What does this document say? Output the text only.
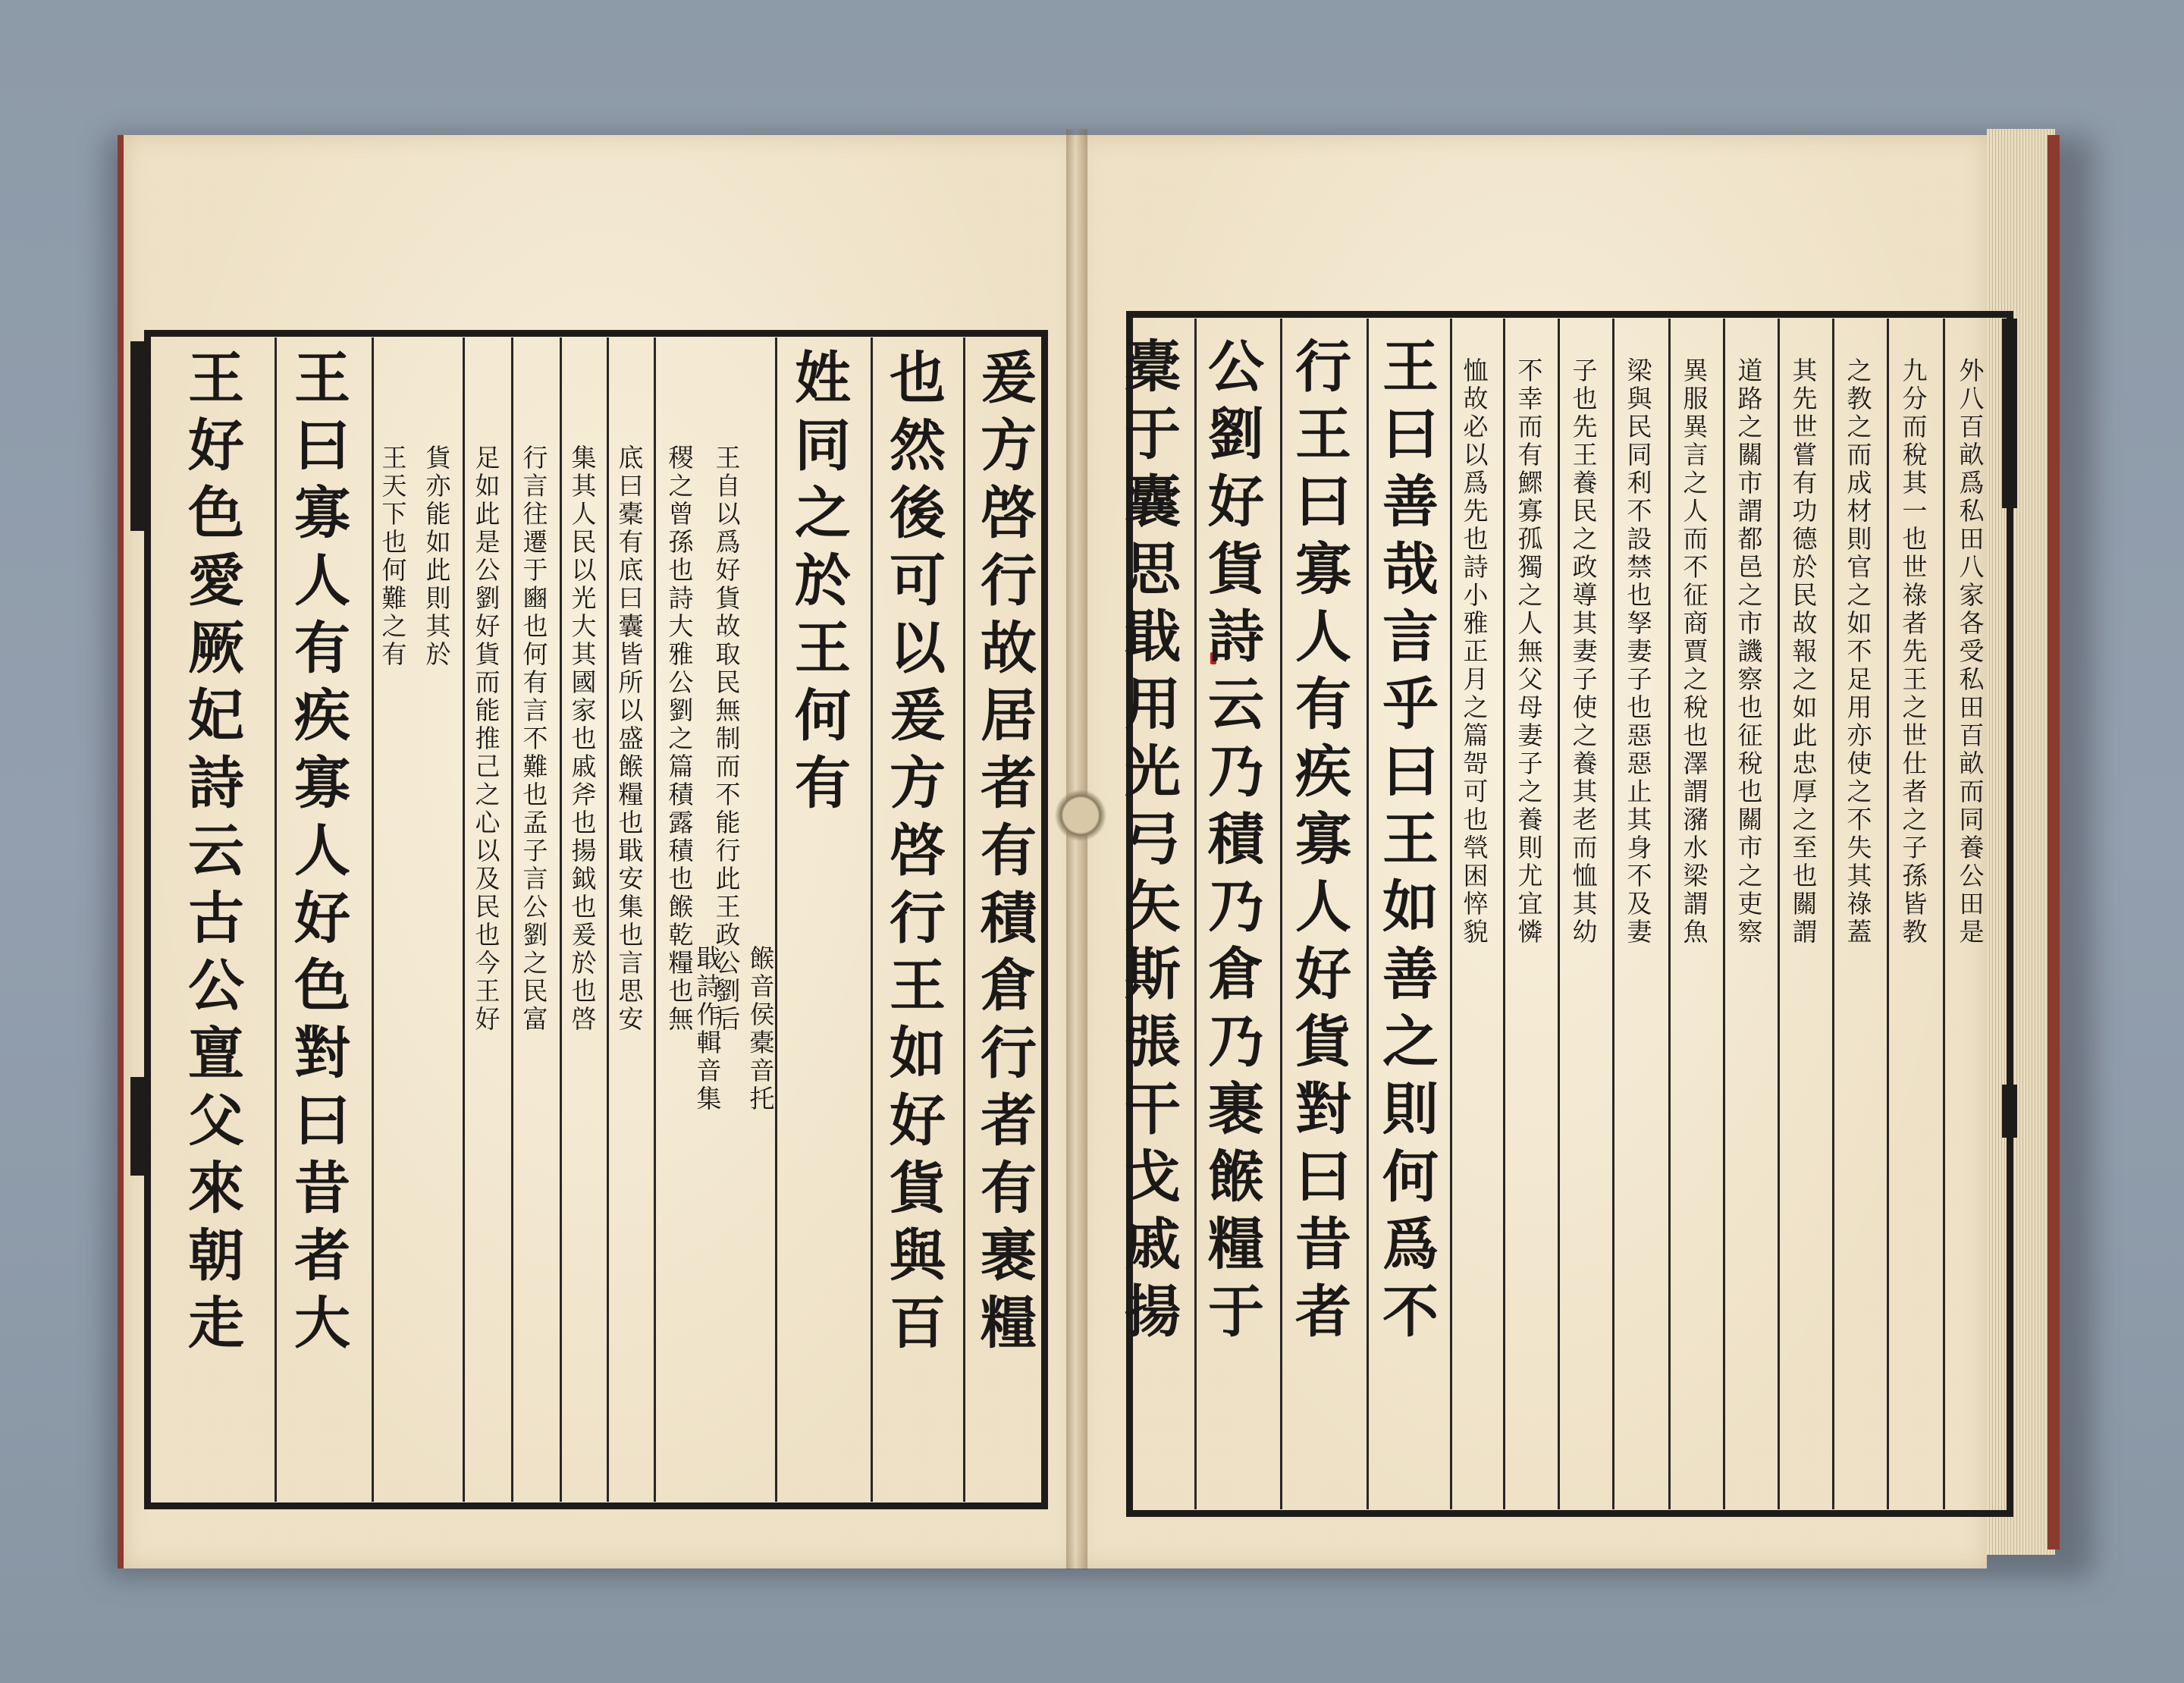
爰
方
啓
行
故
居
者
有
積
倉
行
者
有
裹
糧
也
然
後
可
以
爰
方
啓
行
王
如
好
貨
與
百
姓
同
之
於
王
何
有
王
自
以
爲
好
貨
故
取
民
無
制
而
不
能
行
此
王
政
公
劉
后
稷
之
曾
孫
也
詩
大
雅
公
劉
之
篇
積
露
積
也
餱
乾
糧
也
無
底
曰
橐
有
底
曰
囊
皆
所
以
盛
餱
糧
也
戢
安
集
也
言
思
安
集
其
人
民
以
光
大
其
國
家
也
戚
斧
也
揚
鉞
也
爰
於
也
啓
行
言
往
遷
于
豳
也
何
有
言
不
難
也
孟
子
言
公
劉
之
民
富
足
如
此
是
公
劉
好
貨
而
能
推
己
之
心
以
及
民
也
今
王
好
貨
亦
能
如
此
則
其
於
王
天
下
也
何
難
之
有
王
曰
寡
人
有
疾
寡
人
好
色
對
曰
昔
者
大
王
好
色
愛
厥
妃
詩
云
古
公
亶
父
來
朝
走
餱
音
侯
橐
音
托
戢
詩
作
輯
音
集
外
八
百
畝
爲
私
田
八
家
各
受
私
田
百
畝
而
同
養
公
田
是
九
分
而
稅
其
一
也
世
祿
者
先
王
之
世
仕
者
之
子
孫
皆
教
之
教
之
而
成
材
則
官
之
如
不
足
用
亦
使
之
不
失
其
祿
蓋
其
先
世
嘗
有
功
德
於
民
故
報
之
如
此
忠
厚
之
至
也
關
謂
道
路
之
關
市
謂
都
邑
之
市
譏
察
也
征
稅
也
關
市
之
吏
察
異
服
異
言
之
人
而
不
征
商
賈
之
稅
也
澤
謂
瀦
水
梁
謂
魚
梁
與
民
同
利
不
設
禁
也
孥
妻
子
也
惡
惡
止
其
身
不
及
妻
子
也
先
王
養
民
之
政
導
其
妻
子
使
之
養
其
老
而
恤
其
幼
不
幸
而
有
鰥
寡
孤
獨
之
人
無
父
母
妻
子
之
養
則
尤
宜
憐
恤
故
必
以
爲
先
也
詩
小
雅
正
月
之
篇
哿
可
也
煢
困
悴
貌
王
曰
善
哉
言
乎
曰
王
如
善
之
則
何
爲
不
行
王
曰
寡
人
有
疾
寡
人
好
貨
對
曰
昔
者
公
劉
好
貨
詩
云
乃
積
乃
倉
乃
裹
餱
糧
于
橐
于
囊
思
戢
用
光
弓
矢
斯
張
干
戈
戚
揚
